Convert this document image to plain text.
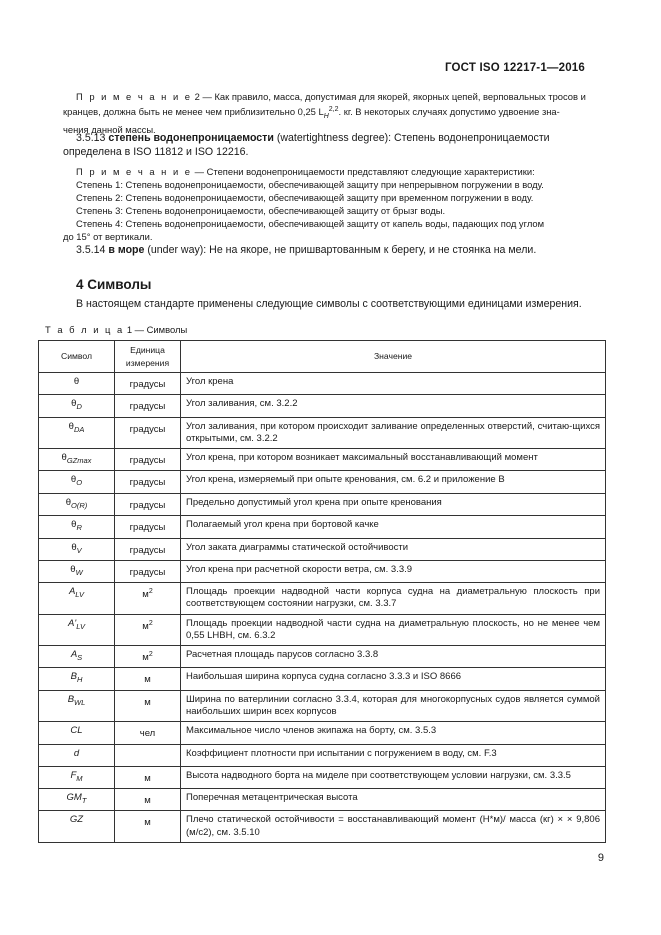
ГОСТ ISO 12217-1—2016
П р и м е ч а н и е 2 — Как правило, масса, допустимая для якорей, якорных цепей, верповальных тросов и
кранцев, должна быть не менее чем приблизительно 0,25 $L_H^{2,2}$. кг. В некоторых случаях допустимо удвоение зна-
чения данной массы.
3.5.13 степень водонепроницаемости (watertightness degree): Степень водонепроницаемости
определена в ISO 11812 и ISO 12216.
П р и м е ч а н и е — Степени водонепроницаемости представляют следующие характеристики:
Степень 1: Степень водонепроницаемости, обеспечивающей защиту при непрерывном погружении в воду.
Степень 2: Степень водонепроницаемости, обеспечивающей защиту при временном погружении в воду.
Степень 3: Степень водонепроницаемости, обеспечивающей защиту от брызг воды.
Степень 4: Степень водонепроницаемости, обеспечивающей защиту от капель воды, падающих под углом
до 15° от вертикали.
3.5.14 в море (under way): Не на якоре, не пришвартованным к берегу, и не стоянка на мели.
4 Символы
В настоящем стандарте применены следующие символы с соответствующими единицами измерения.
Т а б л и ц а 1 — Символы
Символ	Единица измерения	Значение
θ	градусы	Угол крена
$\theta_D$	градусы	Угол заливания, см. 3.2.2
$\theta_{DA}$	градусы	Угол заливания, при котором происходит заливание определенных отверстий, считаю-щихся открытыми, см. 3.2.2
$\theta_{GZmax}$	градусы	Угол крена, при котором возникает максимальный восстанавливающий момент
$\theta_O$	градусы	Угол крена, измеряемый при опыте кренования, см. 6.2 и приложение В
$\theta_{O(R)}$	градусы	Предельно допустимый угол крена при опыте кренования
$\theta_R$	градусы	Полагаемый угол крена при бортовой качке
$\theta_V$	градусы	Угол заката диаграммы статической остойчивости
$\theta_W$	градусы	Угол крена при расчетной скорости ветра, см. 3.3.9
$A_{LV}$	$м^2$	Площадь проекции надводной части корпуса судна на диаметральную плоскость при соответствующем состоянии нагрузки, см. 3.3.7
$A'_{LV}$	$м^2$	Площадь проекции надводной части судна на диаметральную плоскость, но не менее чем 0,55 LHBH, см. 6.3.2
$A_S$	$м^2$	Расчетная площадь парусов согласно 3.3.8
$B_H$	м	Наибольшая ширина корпуса судна согласно 3.3.3 и ISO 8666
$B_{WL}$	м	Ширина по ватерлинии согласно 3.3.4, которая для многокорпусных судов является суммой наибольших ширин всех корпусов
CL	чел	Максимальное число членов экипажа на борту, см. 3.5.3
d		Коэффициент плотности при испытании с погружением в воду, см. F.3
$F_M$	м	Высота надводного борта на миделе при соответствующем условии нагрузки, см. 3.3.5
$GM_T$	м	Поперечная метацентрическая высота
GZ	м	Плечо статической остойчивости = восстанавливающий момент (Н*м)/ масса (кг) × × 9,806 (м/с2), см. 3.5.10
9
